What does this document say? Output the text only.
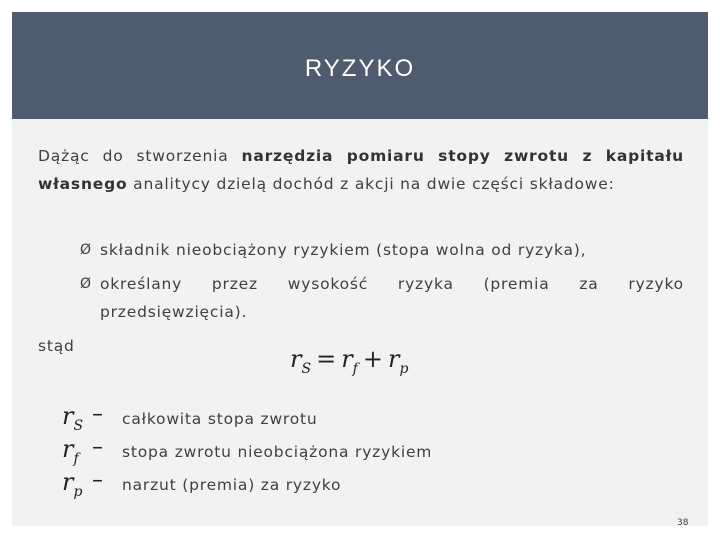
RYZYKO
Dążąc do stworzenia narzędzia pomiaru stopy zwrotu z kapitału własnego analitycy dzielą dochód z akcji na dwie części składowe:
Ø składnik nieobciążony ryzykiem (stopa wolna od ryzyka),
Ø określany przez wysokość ryzyka (premia za ryzyko
przedsięwzięcia).
stąd	$r_S = r_f + r_p$
$r_S$ – całkowita stopa zwrotu
$r_f$ – stopa zwrotu nieobciążona ryzykiem
$r_p$ – narzut (premia) za ryzyko
38
